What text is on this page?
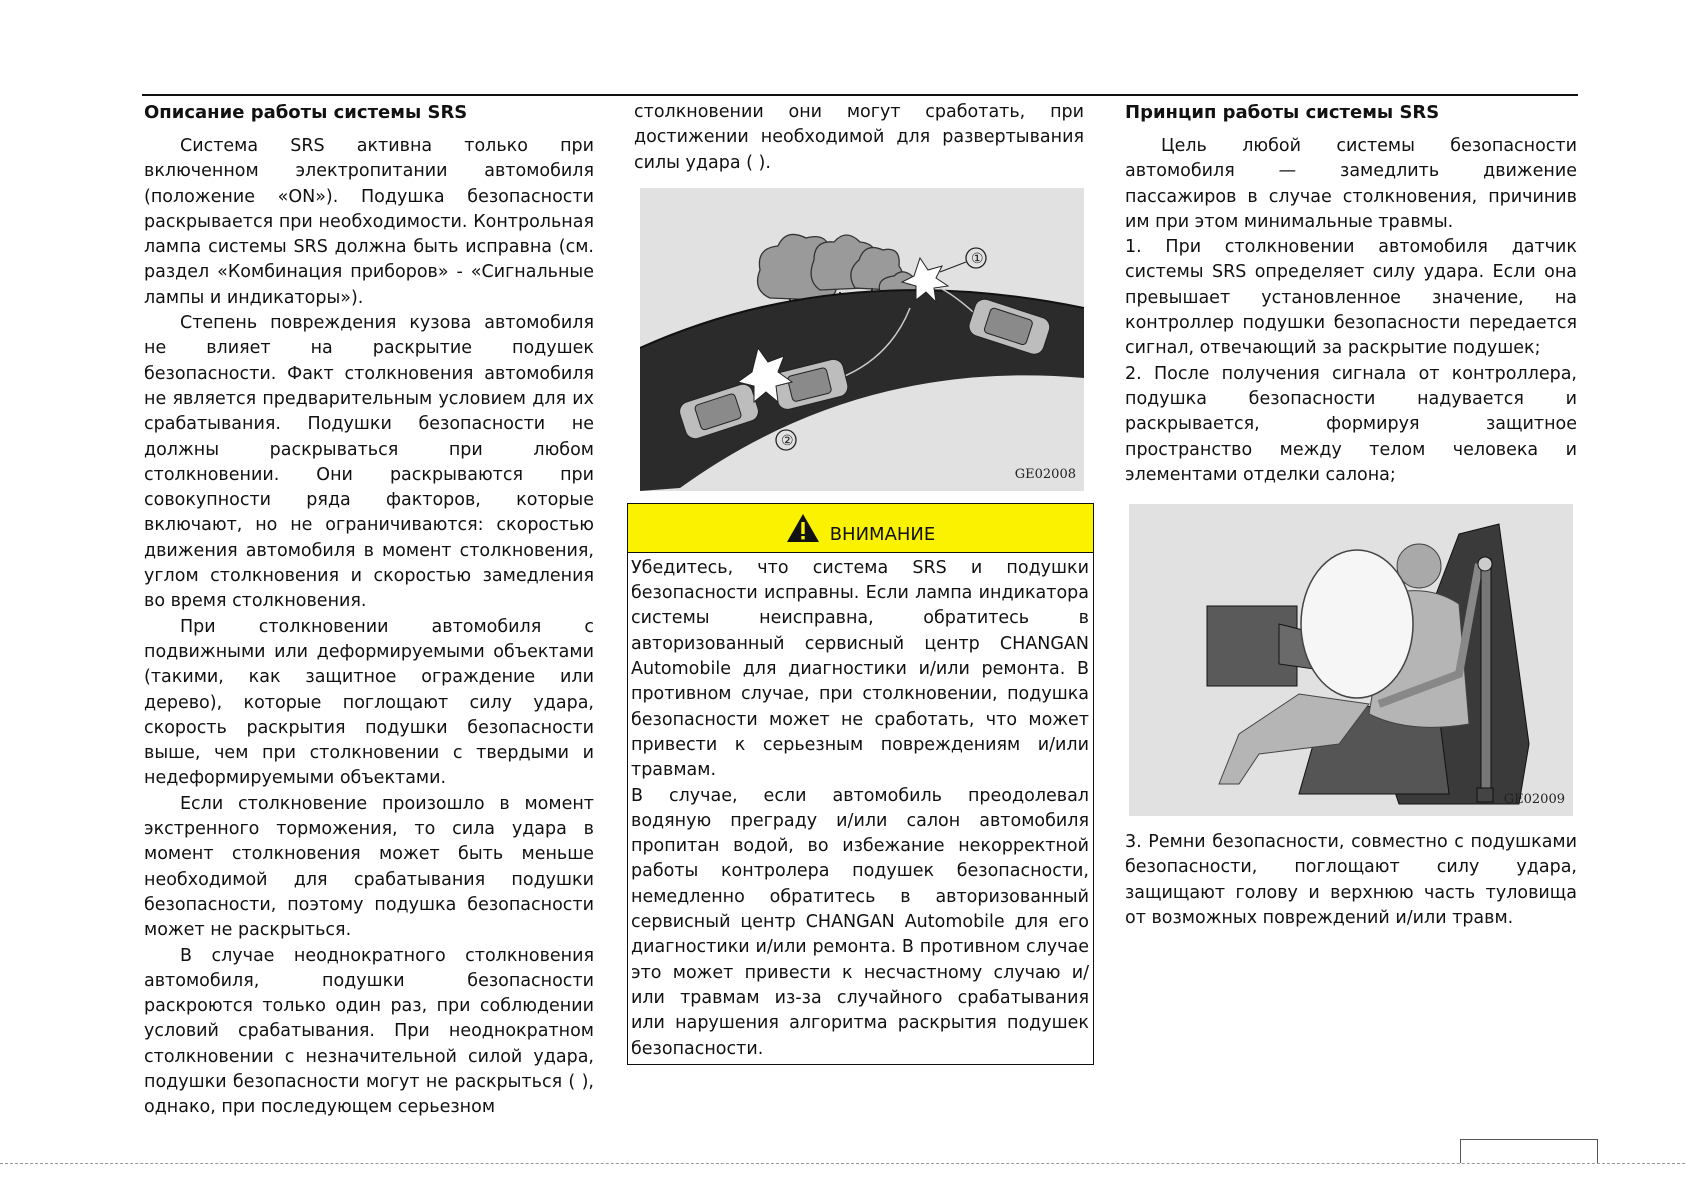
Описание работы системы SRS

Система SRS активна только при включенном электропитании автомобиля (положение «ON»). Подушка безопасности раскрывается при необходимости. Контрольная лампа системы SRS должна быть исправна (см. раздел «Комбинация приборов» - «Сигнальные лампы и индикаторы»).

Степень повреждения кузова автомобиля не влияет на раскрытие подушек безопасности. Факт столкновения автомобиля не является предварительным условием для их срабатывания. Подушки безопасности не должны раскрываться при любом столкновении. Они раскрываются при совокупности ряда факторов, которые включают, но не ограничиваются: скоростью движения автомобиля в момент столкновения, углом столкновения и скоростью замедления во время столкновения.

При столкновении автомобиля с подвижными или деформируемыми объектами (такими, как защитное ограждение или дерево), которые поглощают силу удара, скорость раскрытия подушки безопасности выше, чем при столкновении с твердыми и недеформируемыми объектами.

Если столкновение произошло в момент экстренного торможения, то сила удара в момент столкновения может быть меньше необходимой для срабатывания подушки безопасности, поэтому подушка безопасности может не раскрыться.

В случае неоднократного столкновения автомобиля, подушки безопасности раскроются только один раз, при соблюдении условий срабатывания. При неоднократном столкновении с незначительной силой удара, подушки безопасности могут не раскрыться ( ), однако, при последующем серьезном

столкновении они могут сработать, при достижении необходимой для развертывания силы удара ( ).

①
②
GE02008
ВНИМАНИЕ

Убедитесь, что система SRS и подушки безопасности исправны. Если лампа индикатора системы неисправна, обратитесь в авторизованный сервисный центр CHANGAN Automobile для диагностики и/или ремонта. В противном случае, при столкновении, подушка безопасности может не сработать, что может привести к серьезным повреждениям и/или травмам.

В случае, если автомобиль преодолевал водяную преграду и/или салон автомобиля пропитан водой, во избежание некорректной работы контролера подушек безопасности, немедленно обратитесь в авторизованный сервисный центр CHANGAN Automobile для его диагностики и/или ремонта. В противном случае это может привести к несчастному случаю и/ или травмам из-за случайного срабатывания или нарушения алгоритма раскрытия подушек безопасности.

Принцип работы системы SRS

Цель любой системы безопасности автомобиля — замедлить движение пассажиров в случае столкновения, причинив им при этом минимальные травмы.

1. При столкновении автомобиля датчик системы SRS определяет силу удара. Если она превышает установленное значение, на контроллер подушки безопасности передается сигнал, отвечающий за раскрытие подушек;

2. После получения сигнала от контроллера, подушка безопасности надувается и раскрывается, формируя защитное пространство между телом человека и элементами отделки салона;

GE02009

3. Ремни безопасности, совместно с подушками безопасности, поглощают силу удара, защищают голову и верхнюю часть туловища от возможных повреждений и/или травм.
